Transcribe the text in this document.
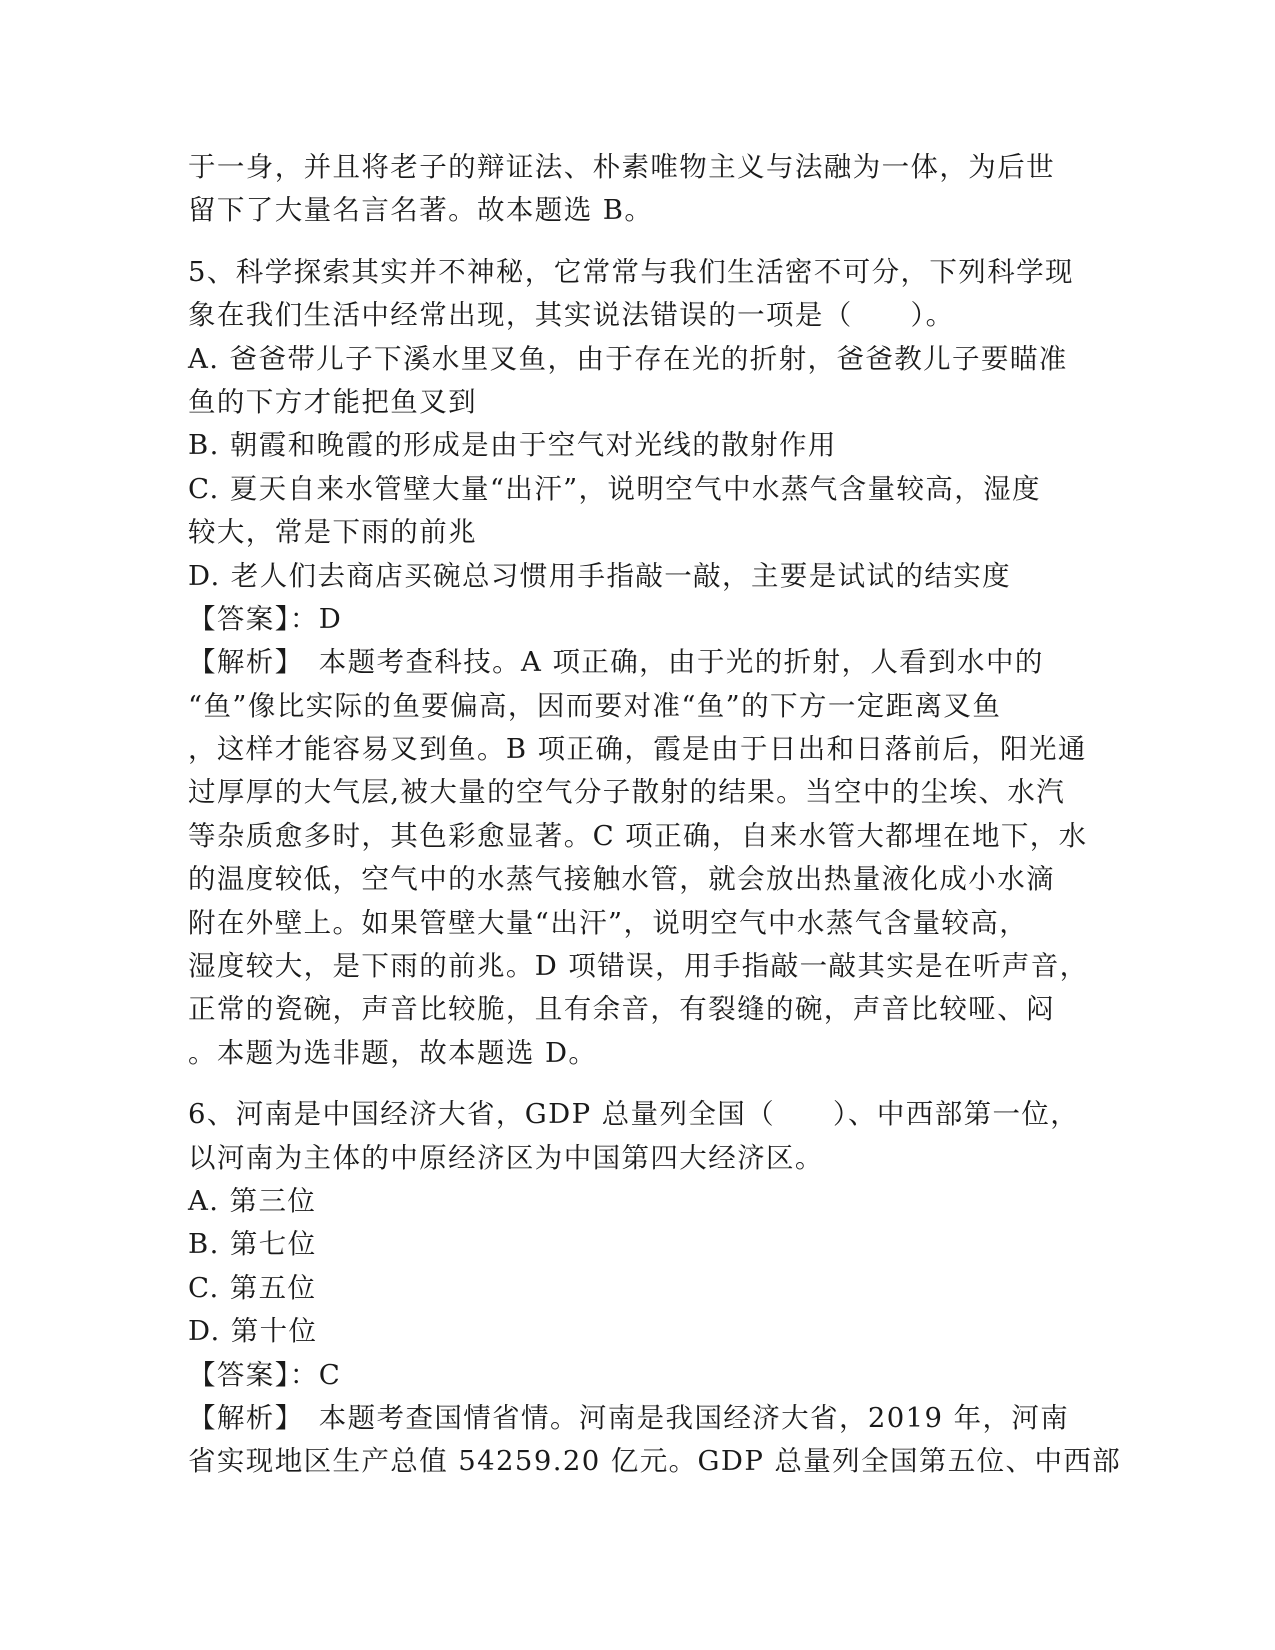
于一身，并且将老子的辩证法、朴素唯物主义与法融为一体，为后世
留下了大量名言名著。故本题选 B。
5、科学探索其实并不神秘，它常常与我们生活密不可分，下列科学现
象在我们生活中经常出现，其实说法错误的一项是（　　）。
A. 爸爸带儿子下溪水里叉鱼，由于存在光的折射，爸爸教儿子要瞄准
鱼的下方才能把鱼叉到
B. 朝霞和晚霞的形成是由于空气对光线的散射作用
C. 夏天自来水管壁大量“出汗”，说明空气中水蒸气含量较高，湿度
较大，常是下雨的前兆
D. 老人们去商店买碗总习惯用手指敲一敲，主要是试试的结实度
【答案】：D
【解析】　本题考查科技。A 项正确，由于光的折射，人看到水中的
“鱼”像比实际的鱼要偏高，因而要对准“鱼”的下方一定距离叉鱼
，这样才能容易叉到鱼。B 项正确，霞是由于日出和日落前后，阳光通
过厚厚的大气层,被大量的空气分子散射的结果。当空中的尘埃、水汽
等杂质愈多时，其色彩愈显著。C 项正确，自来水管大都埋在地下，水
的温度较低，空气中的水蒸气接触水管，就会放出热量液化成小水滴
附在外壁上。如果管壁大量“出汗”，说明空气中水蒸气含量较高，
湿度较大，是下雨的前兆。D 项错误，用手指敲一敲其实是在听声音，
正常的瓷碗，声音比较脆，且有余音，有裂缝的碗，声音比较哑、闷
。本题为选非题，故本题选 D。
6、河南是中国经济大省，GDP 总量列全国（　　）、中西部第一位，
以河南为主体的中原经济区为中国第四大经济区。
A. 第三位
B. 第七位
C. 第五位
D. 第十位
【答案】：C
【解析】　本题考查国情省情。河南是我国经济大省，2019 年，河南
省实现地区生产总值 54259.20 亿元。GDP 总量列全国第五位、中西部
